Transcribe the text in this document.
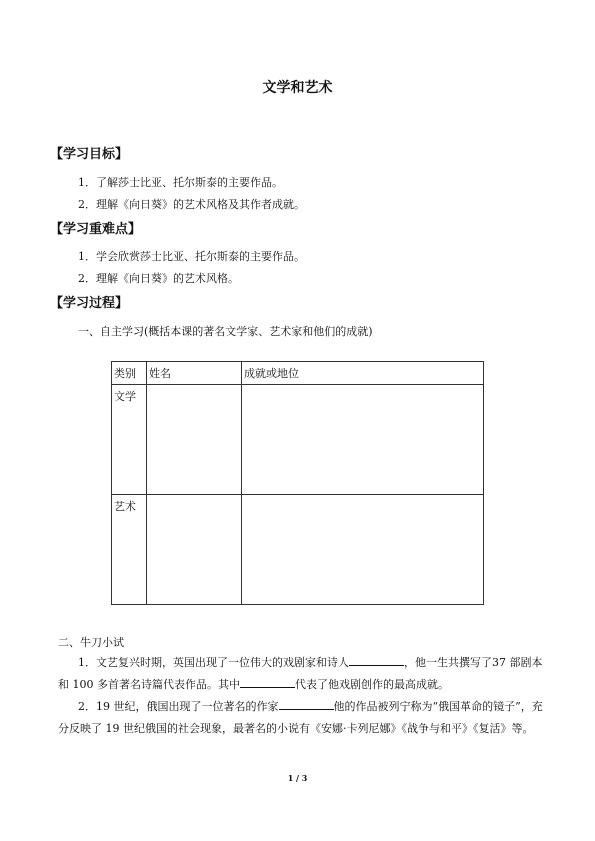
文学和艺术
【学习目标】
1．了解莎士比亚、托尔斯泰的主要作品。
2．理解《向日葵》的艺术风格及其作者成就。
【学习重难点】
1．学会欣赏莎士比亚、托尔斯泰的主要作品。
2．理解《向日葵》的艺术风格。
【学习过程】
一、自主学习(概括本课的著名文学家、艺术家和他们的成就)
类别	姓名	成就或地位
文学		
艺术		
二、牛刀小试
1．文艺复兴时期，英国出现了一位伟大的戏剧家和诗人	，他一生共撰写了37 部剧本和 100 多首著名诗篇代表作品。其中	代表了他戏剧创作的最高成就。
2．19 世纪，俄国出现了一位著名的作家	他的作品被列宁称为“俄国革命的镜子”，充分反映了 19 世纪俄国的社会现象，最著名的小说有《安娜·卡列尼娜》《战争与和平》《复活》等。
1 / 3
